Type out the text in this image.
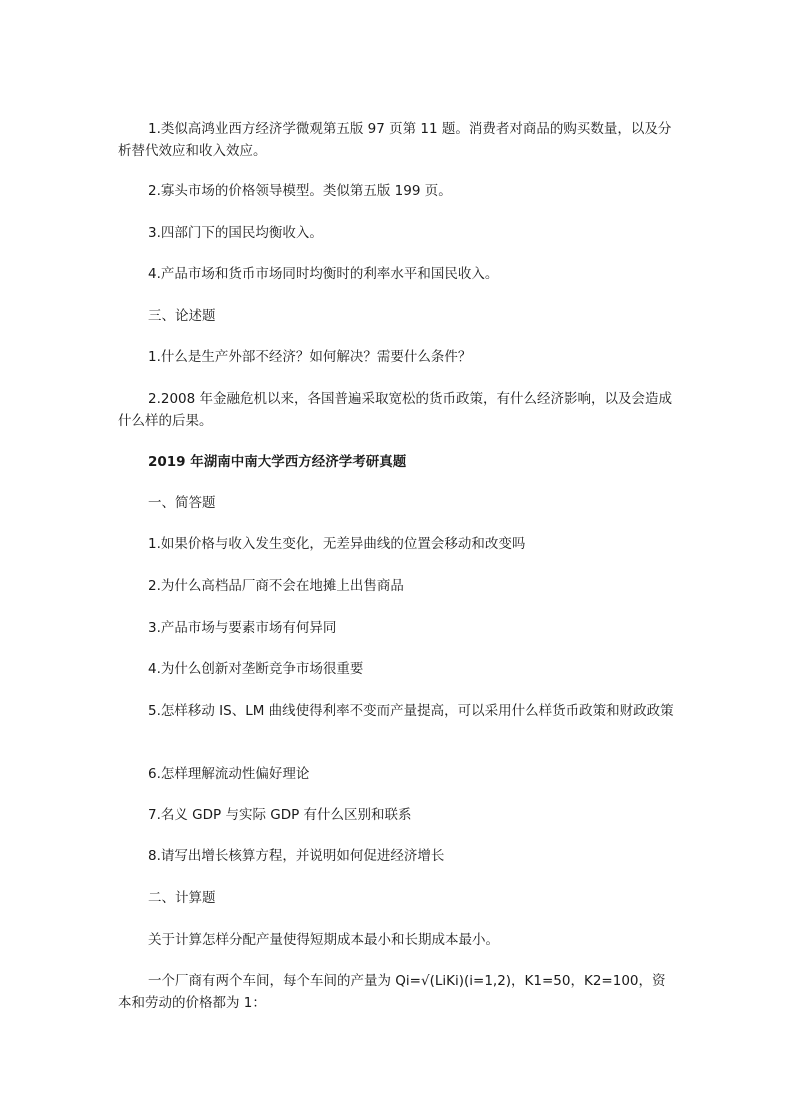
1.类似高鸿业西方经济学微观第五版 97 页第 11 题。消费者对商品的购买数量，以及分析替代效应和收入效应。

2.寡头市场的价格领导模型。类似第五版 199 页。

3.四部门下的国民均衡收入。

4.产品市场和货币市场同时均衡时的利率水平和国民收入。

三、论述题

1.什么是生产外部不经济？如何解决？需要什么条件？

2.2008 年金融危机以来，各国普遍采取宽松的货币政策，有什么经济影响，以及会造成什么样的后果。

2019 年湖南中南大学西方经济学考研真题

一、简答题

1.如果价格与收入发生变化，无差异曲线的位置会移动和改变吗

2.为什么高档品厂商不会在地摊上出售商品

3.产品市场与要素市场有何异同

4.为什么创新对垄断竞争市场很重要

5.怎样移动 IS、LM 曲线使得利率不变而产量提高，可以采用什么样货币政策和财政政策

6.怎样理解流动性偏好理论

7.名义 GDP 与实际 GDP 有什么区别和联系

8.请写出增长核算方程，并说明如何促进经济增长

二、计算题

关于计算怎样分配产量使得短期成本最小和长期成本最小。

一个厂商有两个车间，每个车间的产量为 Qi=√(LiKi)(i=1,2)，K1=50，K2=100，资本和劳动的价格都为 1：
